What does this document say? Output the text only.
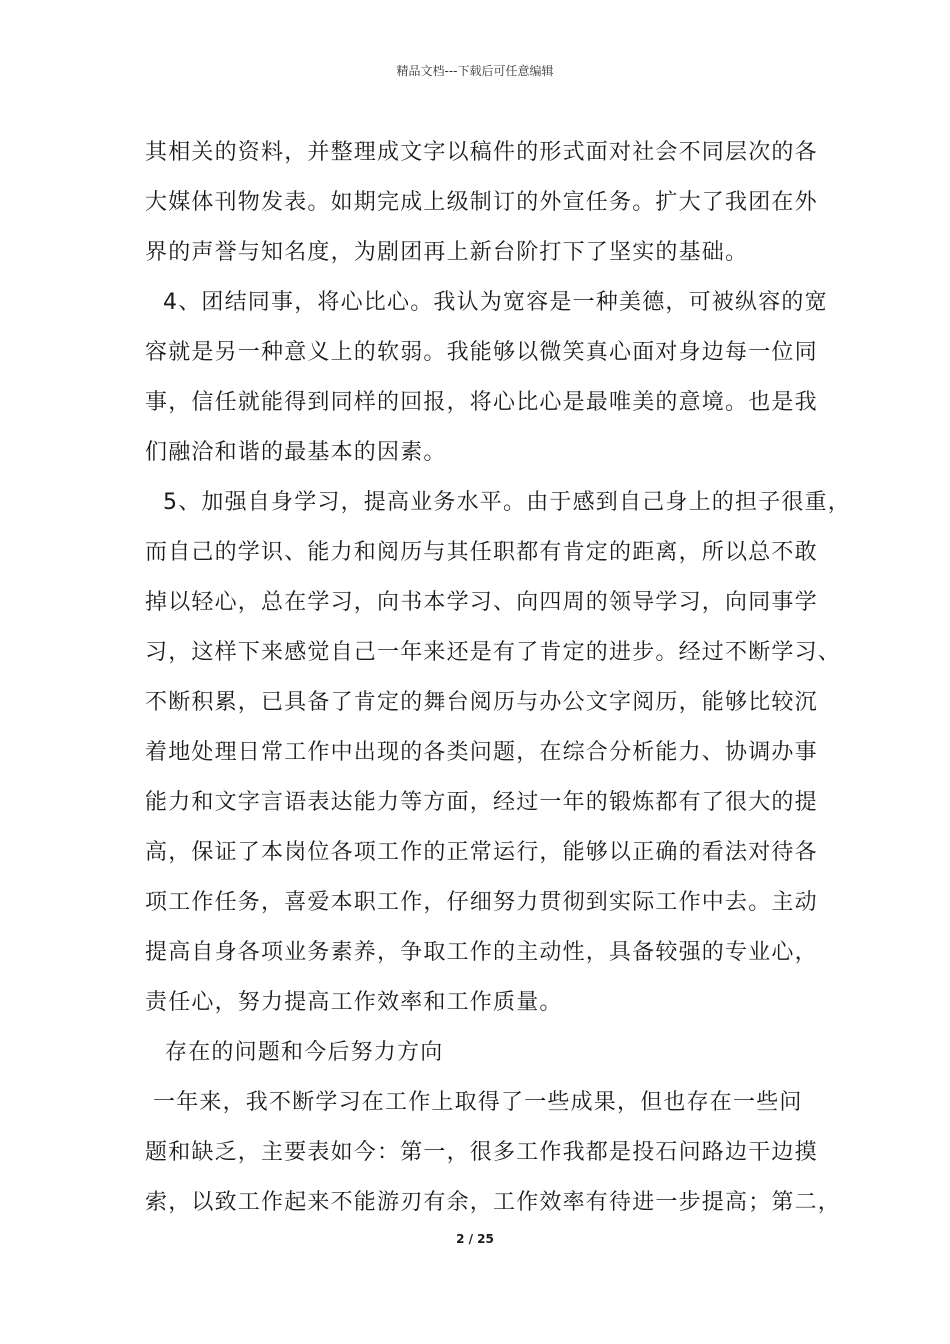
精品文档---下载后可任意编辑
其相关的资料，并整理成文字以稿件的形式面对社会不同层次的各
大媒体刊物发表。如期完成上级制订的外宣任务。扩大了我团在外
界的声誉与知名度，为剧团再上新台阶打下了坚实的基础。
4、团结同事，将心比心。我认为宽容是一种美德，可被纵容的宽
容就是另一种意义上的软弱。我能够以微笑真心面对身边每一位同
事，信任就能得到同样的回报，将心比心是最唯美的意境。也是我
们融洽和谐的最基本的因素。
5、加强自身学习，提高业务水平。由于感到自己身上的担子很重，
而自己的学识、能力和阅历与其任职都有肯定的距离，所以总不敢
掉以轻心，总在学习，向书本学习、向四周的领导学习，向同事学
习，这样下来感觉自己一年来还是有了肯定的进步。经过不断学习、
不断积累，已具备了肯定的舞台阅历与办公文字阅历，能够比较沉
着地处理日常工作中出现的各类问题，在综合分析能力、协调办事
能力和文字言语表达能力等方面，经过一年的锻炼都有了很大的提
高，保证了本岗位各项工作的正常运行，能够以正确的看法对待各
项工作任务，喜爱本职工作，仔细努力贯彻到实际工作中去。主动
提高自身各项业务素养，争取工作的主动性，具备较强的专业心，
责任心，努力提高工作效率和工作质量。
存在的问题和今后努力方向
一年来，我不断学习在工作上取得了一些成果，但也存在一些问
题和缺乏，主要表如今：第一，很多工作我都是投石问路边干边摸
索，以致工作起来不能游刃有余，工作效率有待进一步提高；第二，
2 / 25
